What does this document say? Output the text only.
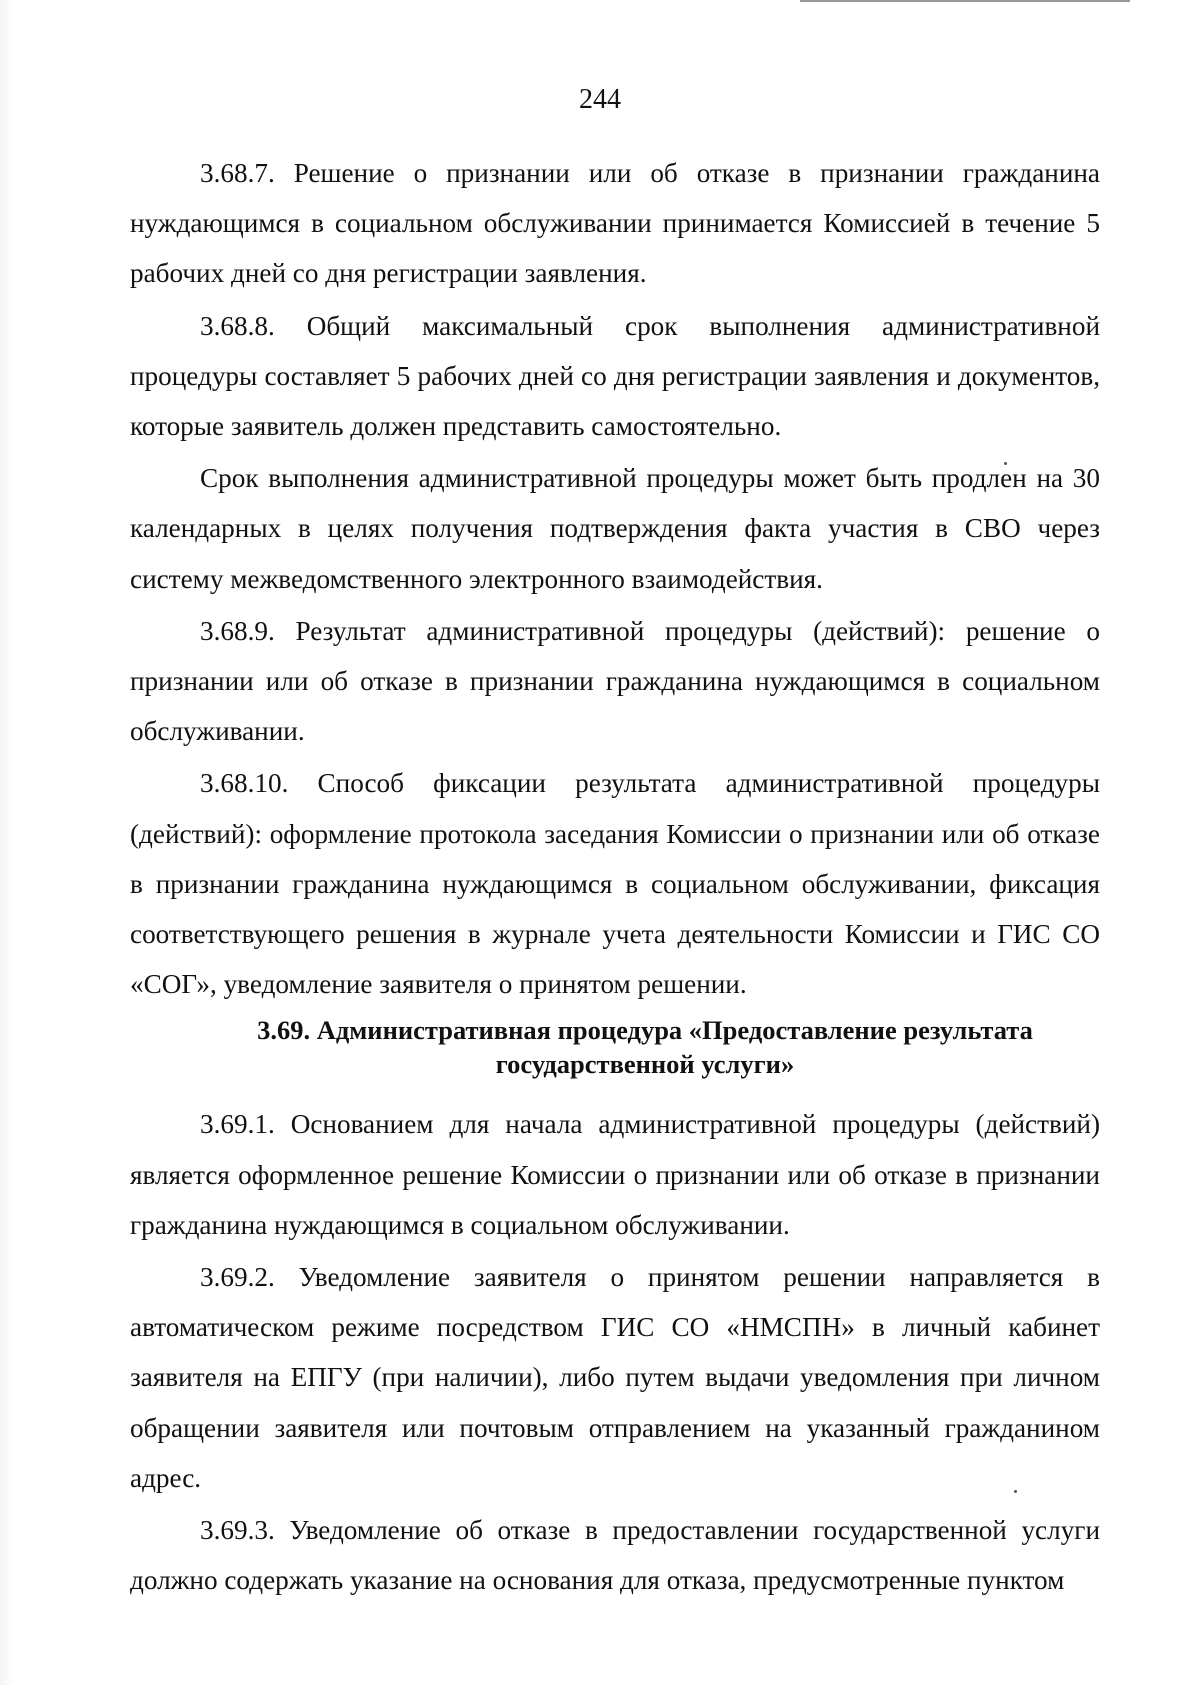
244

3.68.7. Решение о признании или об отказе в признании гражданина нуждающимся в социальном обслуживании принимается Комиссией в течение 5 рабочих дней со дня регистрации заявления.

3.68.8. Общий максимальный срок выполнения административной процедуры составляет 5 рабочих дней со дня регистрации заявления и документов, которые заявитель должен представить самостоятельно.

Срок выполнения административной процедуры может быть продлен на 30 календарных в целях получения подтверждения факта участия в СВО через систему межведомственного электронного взаимодействия.

3.68.9. Результат административной процедуры (действий): решение о признании или об отказе в признании гражданина нуждающимся в социальном обслуживании.

3.68.10. Способ фиксации результата административной процедуры (действий): оформление протокола заседания Комиссии о признании или об отказе в признании гражданина нуждающимся в социальном обслуживании, фиксация соответствующего решения в журнале учета деятельности Комиссии и ГИС СО «СОГ», уведомление заявителя о принятом решении.

3.69. Административная процедура «Предоставление результата государственной услуги»

3.69.1. Основанием для начала административной процедуры (действий) является оформленное решение Комиссии о признании или об отказе в признании гражданина нуждающимся в социальном обслуживании.

3.69.2. Уведомление заявителя о принятом решении направляется в автоматическом режиме посредством ГИС СО «НМСПН» в личный кабинет заявителя на ЕПГУ (при наличии), либо путем выдачи уведомления при личном обращении заявителя или почтовым отправлением на указанный гражданином адрес.

3.69.3. Уведомление об отказе в предоставлении государственной услуги должно содержать указание на основания для отказа, предусмотренные пунктом
